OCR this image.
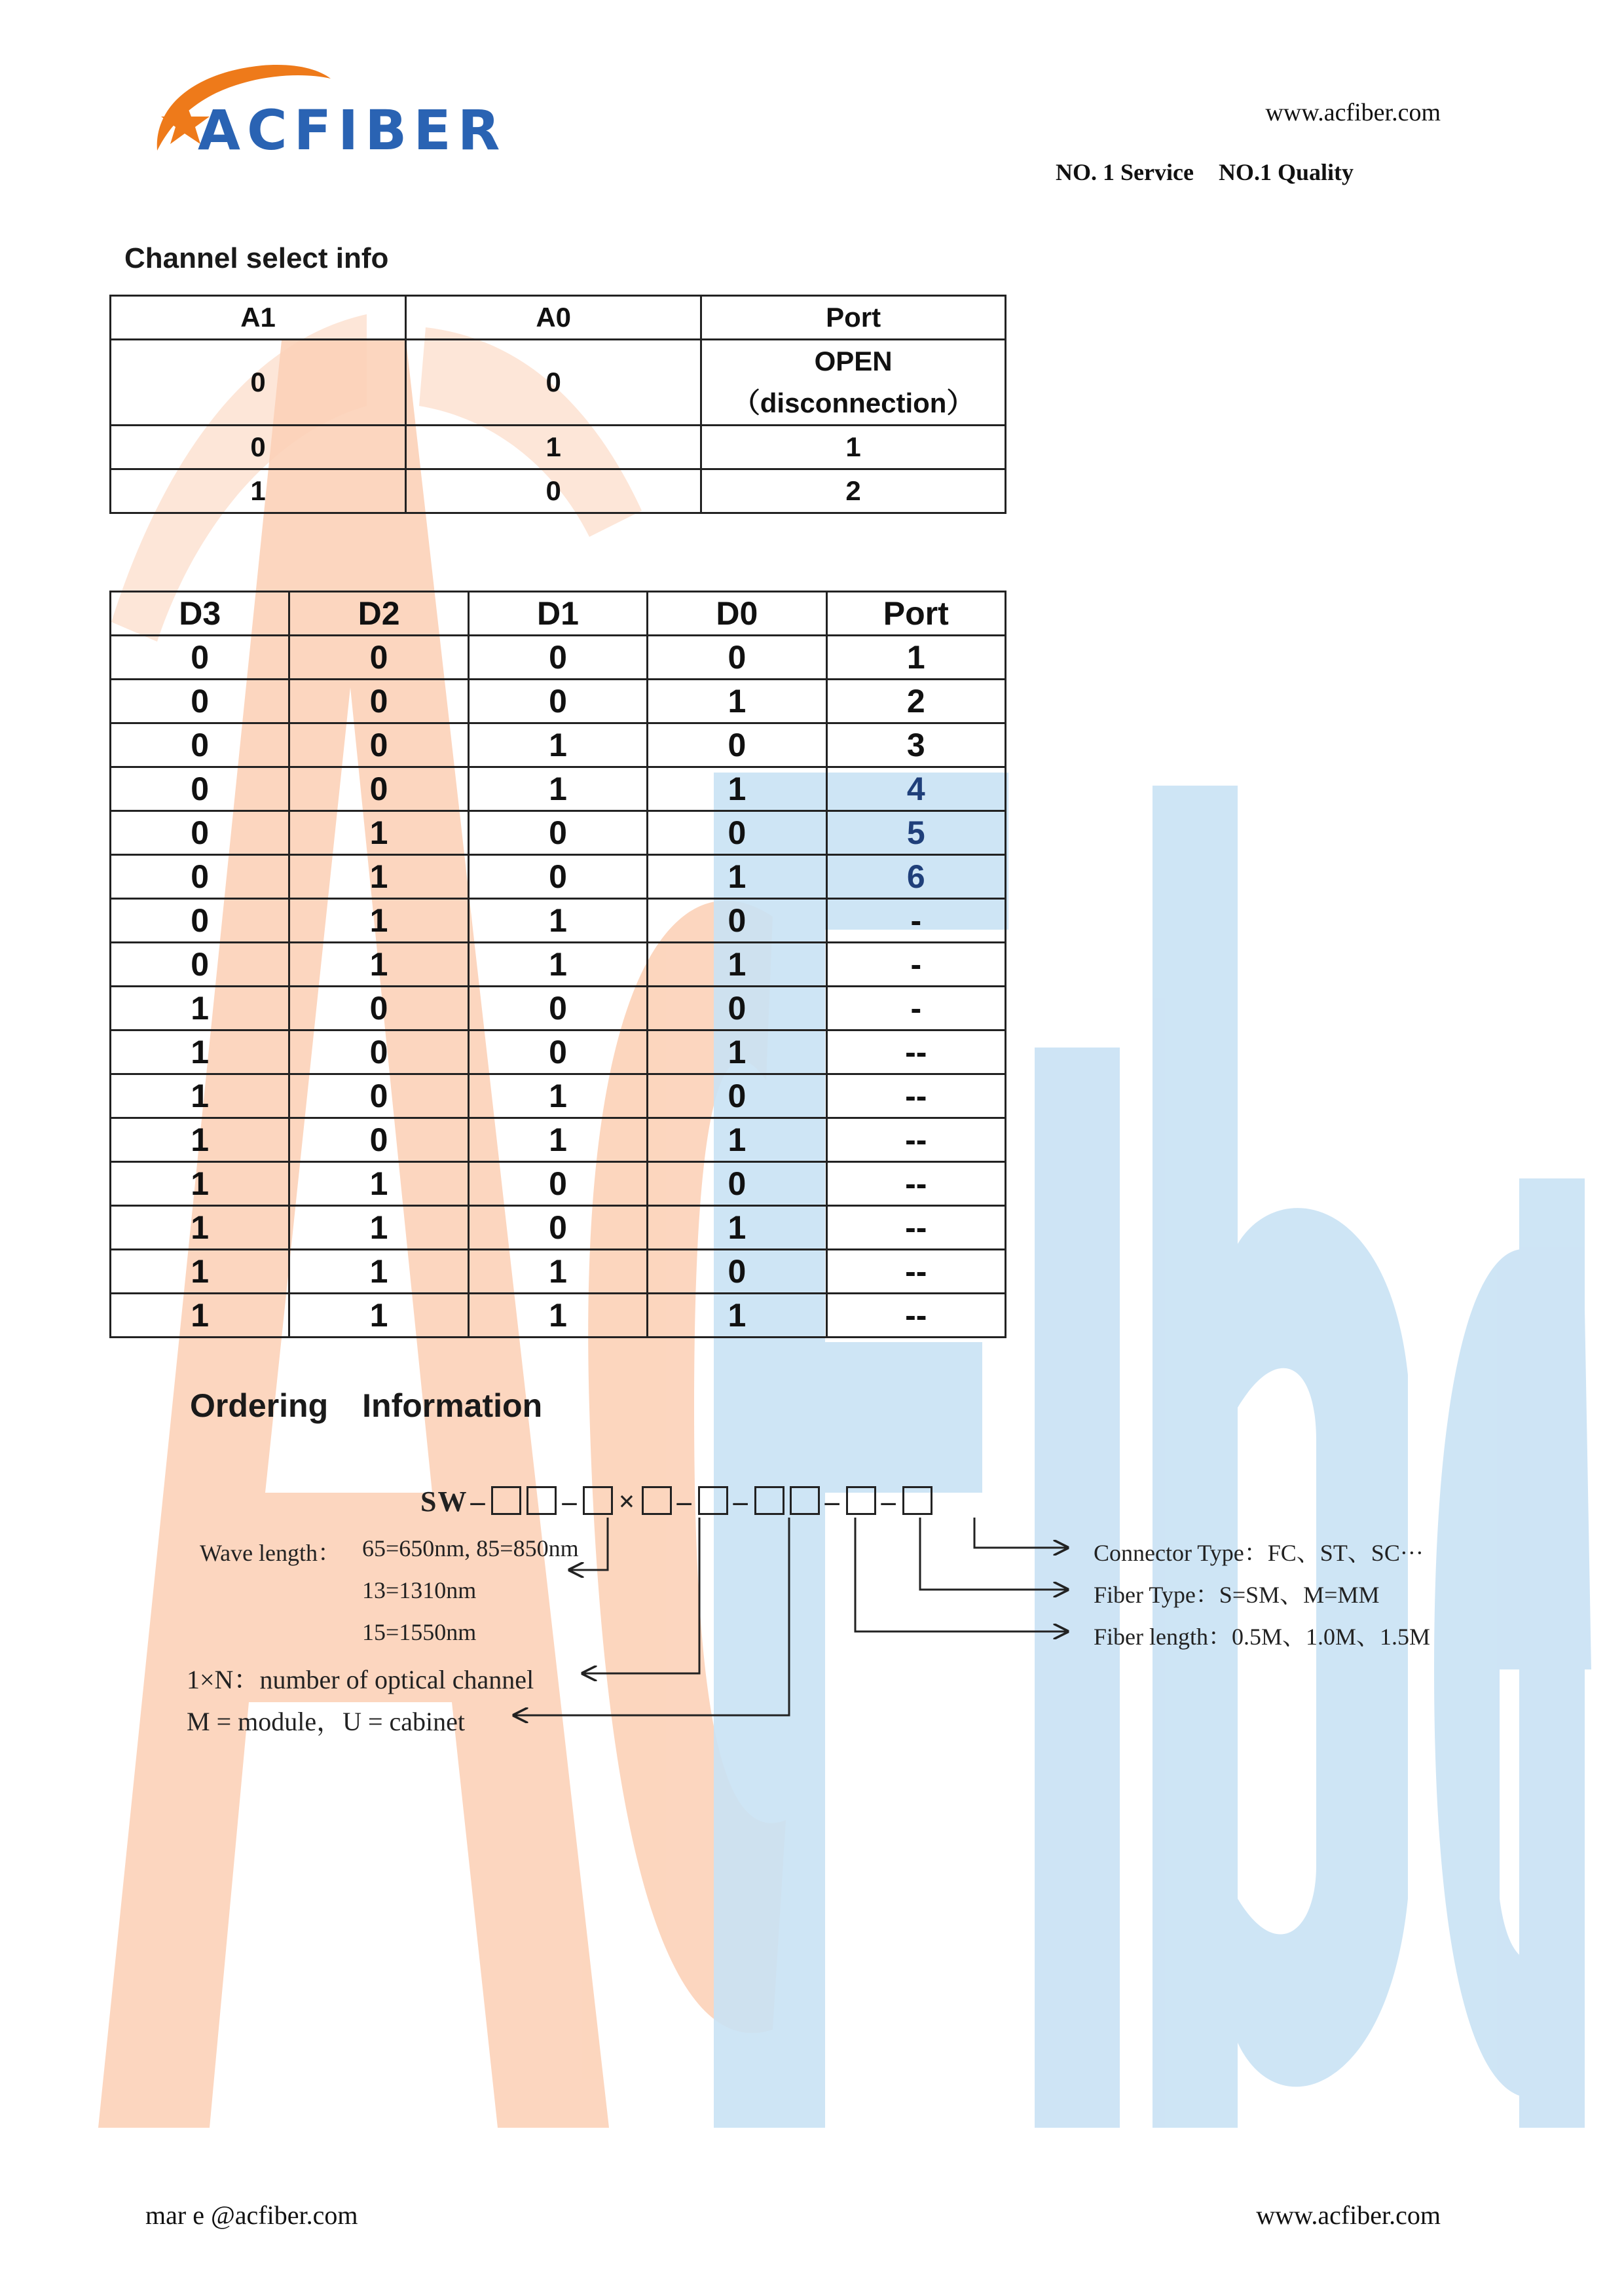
ACFIBER	www.acfiber.com
NO. 1 Service NO.1 Quality
Channel select info
A1	A0	Port
0	0	OPEN
（disconnection）

0	1	1
1	0	2
D3	D2	D1	D0	Port
0	0	0	0	1
0	0	0	1	2
0	0	1	0	3
0	0	1	1	4
0	1	0	0	5
0	1	0	1	6
0	1	1	0	-
0	1	1	1	-
1	0	0	0	-
1	0	0	1	--
1	0	1	0	--
1	0	1	1	--
1	1	0	0	--
1	1	0	1	--
1	1	1	0	--
1	1	1	1	--
Ordering Information
SW–	– × – –	– –
Wave length： 65=650nm, 85=850nm
13=1310nm
15=1550nm
1×N：number of optical channel
M = module，U = cabinet
Connector Type：FC、ST、SC···
Fiber Type：S=SM、M=MM
Fiber length：0.5M、1.0M、1.5M
mar e @acfiber.com	www.acfiber.com
